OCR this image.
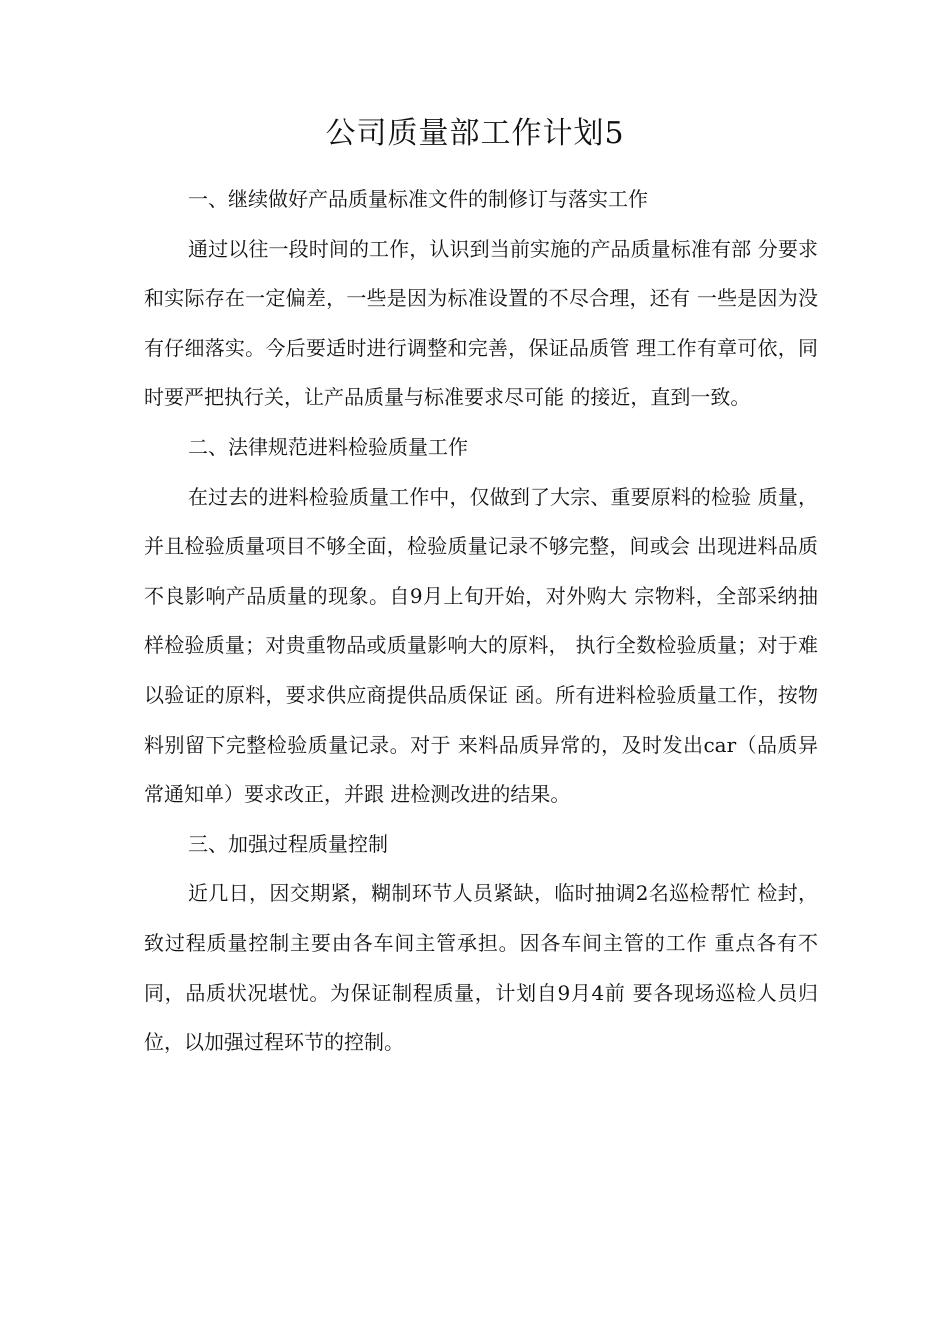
公司质量部工作计划5

一、继续做好产品质量标准文件的制修订与落实工作

通过以往一段时间的工作，认识到当前实施的产品质量标准有部 分要求和实际存在一定偏差，一些是因为标准设置的不尽合理，还有 一些是因为没有仔细落实。今后要适时进行调整和完善，保证品质管 理工作有章可依，同时要严把执行关，让产品质量与标准要求尽可能 的接近，直到一致。

二、法律规范进料检验质量工作

在过去的进料检验质量工作中，仅做到了大宗、重要原料的检验 质量，并且检验质量项目不够全面，检验质量记录不够完整，间或会 出现进料品质不良影响产品质量的现象。自9月上旬开始，对外购大 宗物料，全部采纳抽样检验质量；对贵重物品或质量影响大的原料， 执行全数检验质量；对于难以验证的原料，要求供应商提供品质保证 函。所有进料检验质量工作，按物料别留下完整检验质量记录。对于 来料品质异常的，及时发出car（品质异常通知单）要求改正，并跟 进检测改进的结果。

三、加强过程质量控制

近几日，因交期紧，糊制环节人员紧缺，临时抽调2名巡检帮忙 检封，致过程质量控制主要由各车间主管承担。因各车间主管的工作 重点各有不同，品质状况堪忧。为保证制程质量，计划自9月4前 要各现场巡检人员归位，以加强过程环节的控制。
